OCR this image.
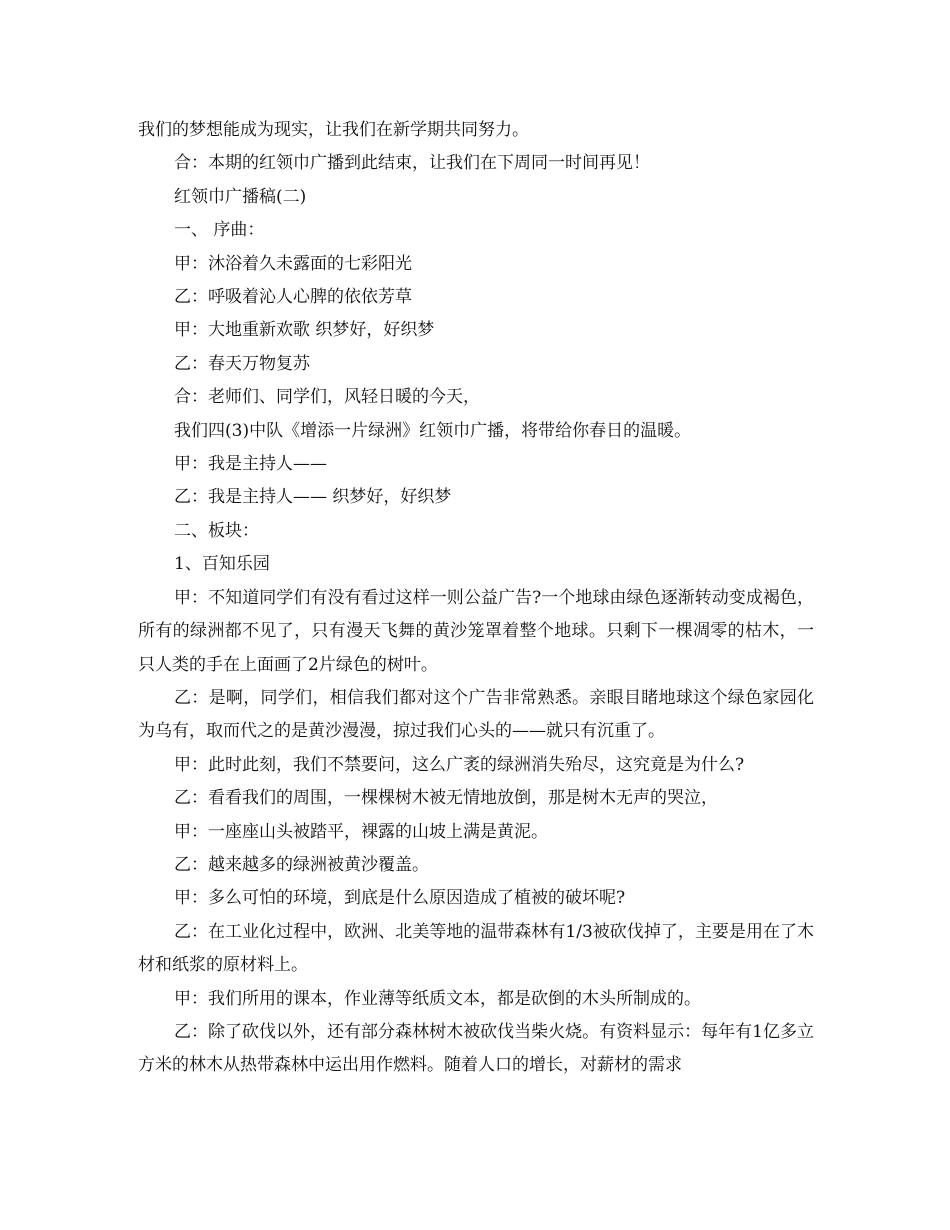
我们的梦想能成为现实，让我们在新学期共同努力。

合：本期的红领巾广播到此结束，让我们在下周同一时间再见！

红领巾广播稿(二)

一、 序曲：

甲：沐浴着久未露面的七彩阳光

乙：呼吸着沁人心脾的依依芳草

甲：大地重新欢歌 织梦好，好织梦

乙：春天万物复苏

合：老师们、同学们，风轻日暖的今天，

我们四(3)中队《增添一片绿洲》红领巾广播，将带给你春日的温暖。

甲：我是主持人——

乙：我是主持人—— 织梦好，好织梦

二、板块：

1、百知乐园

甲：不知道同学们有没有看过这样一则公益广告?一个地球由绿色逐渐转动变成褐色，所有的绿洲都不见了，只有漫天飞舞的黄沙笼罩着整个地球。只剩下一棵凋零的枯木，一只人类的手在上面画了2片绿色的树叶。

乙：是啊，同学们，相信我们都对这个广告非常熟悉。亲眼目睹地球这个绿色家园化为乌有，取而代之的是黄沙漫漫，掠过我们心头的——就只有沉重了。

甲：此时此刻，我们不禁要问，这么广袤的绿洲消失殆尽，这究竟是为什么?

乙：看看我们的周围，一棵棵树木被无情地放倒，那是树木无声的哭泣，

甲：一座座山头被踏平，裸露的山坡上满是黄泥。

乙：越来越多的绿洲被黄沙覆盖。

甲：多么可怕的环境，到底是什么原因造成了植被的破坏呢?

乙：在工业化过程中，欧洲、北美等地的温带森林有1/3被砍伐掉了，主要是用在了木材和纸浆的原材料上。

甲：我们所用的课本，作业薄等纸质文本，都是砍倒的木头所制成的。

乙：除了砍伐以外，还有部分森林树木被砍伐当柴火烧。有资料显示：每年有1亿多立方米的林木从热带森林中运出用作燃料。随着人口的增长，对薪材的需求
